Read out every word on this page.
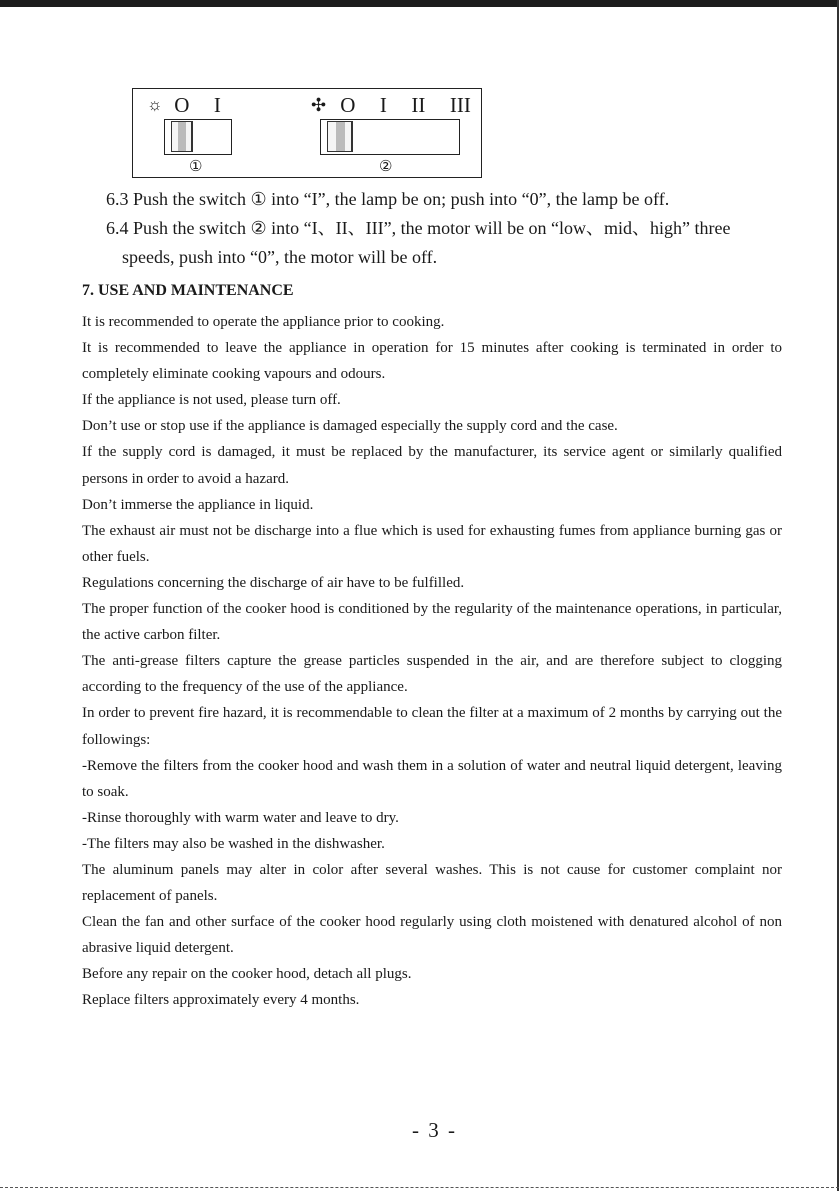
☼ O I	✣ O I II III
①	②
6.3 Push the switch ① into “I”, the lamp be on; push into “0”, the lamp be off.
6.4 Push the switch ② into “I、II、III”, the motor will be on “low、mid、high” three
speeds, push into “0”, the motor will be off.
7. USE AND MAINTENANCE

It is recommended to operate the appliance prior to cooking.

It is recommended to leave the appliance in operation for 15 minutes after cooking is terminated in order to completely eliminate cooking vapours and odours.

If the appliance is not used, please turn off.

Don’t use or stop use if the appliance is damaged especially the supply cord and the case.

If the supply cord is damaged, it must be replaced by the manufacturer, its service agent or similarly qualified persons in order to avoid a hazard.

Don’t immerse the appliance in liquid.

The exhaust air must not be discharge into a flue which is used for exhausting fumes from appliance burning gas or other fuels.

Regulations concerning the discharge of air have to be fulfilled.

The proper function of the cooker hood is conditioned by the regularity of the maintenance operations, in particular, the active carbon filter.

The anti-grease filters capture the grease particles suspended in the air, and are therefore subject to clogging according to the frequency of the use of the appliance.

In order to prevent fire hazard, it is recommendable to clean the filter at a maximum of 2 months by carrying out the followings:

-Remove the filters from the cooker hood and wash them in a solution of water and neutral liquid detergent, leaving to soak.

-Rinse thoroughly with warm water and leave to dry.

-The filters may also be washed in the dishwasher.

The aluminum panels may alter in color after several washes. This is not cause for customer complaint nor replacement of panels.

Clean the fan and other surface of the cooker hood regularly using cloth moistened with denatured alcohol of non abrasive liquid detergent.

Before any repair on the cooker hood, detach all plugs.

Replace filters approximately every 4 months.

- 3 -
